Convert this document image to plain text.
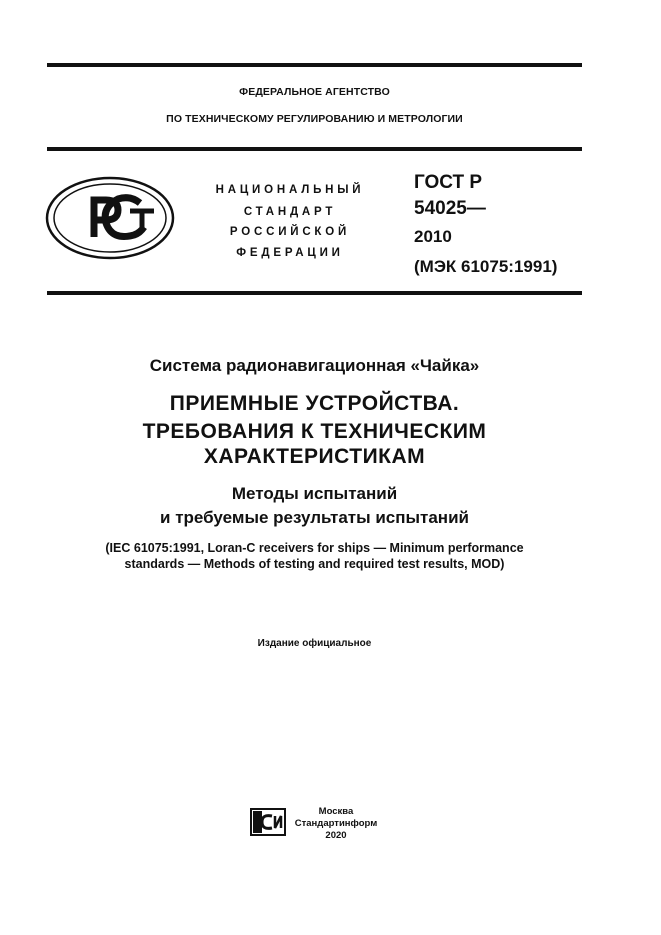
ФЕДЕРАЛЬНОЕ АГЕНТСТВО
ПО ТЕХНИЧЕСКОМУ РЕГУЛИРОВАНИЮ И МЕТРОЛОГИИ
НАЦИОНАЛЬНЫЙ
СТАНДАРТ
РОССИЙСКОЙ
ФЕДЕРАЦИИ
ГОСТ Р
54025—
2010
(МЭК 61075:1991)
Система радионавигационная «Чайка»
ПРИЕМНЫЕ УСТРОЙСТВА.
ТРЕБОВАНИЯ К ТЕХНИЧЕСКИМ
ХАРАКТЕРИСТИКАМ
Методы испытаний
и требуемые результаты испытаний
(IEC 61075:1991, Loran-C receivers for ships — Minimum performance
standards — Methods of testing and required test results, MOD)
Издание официальное
Москва
Стандартинформ
2020
